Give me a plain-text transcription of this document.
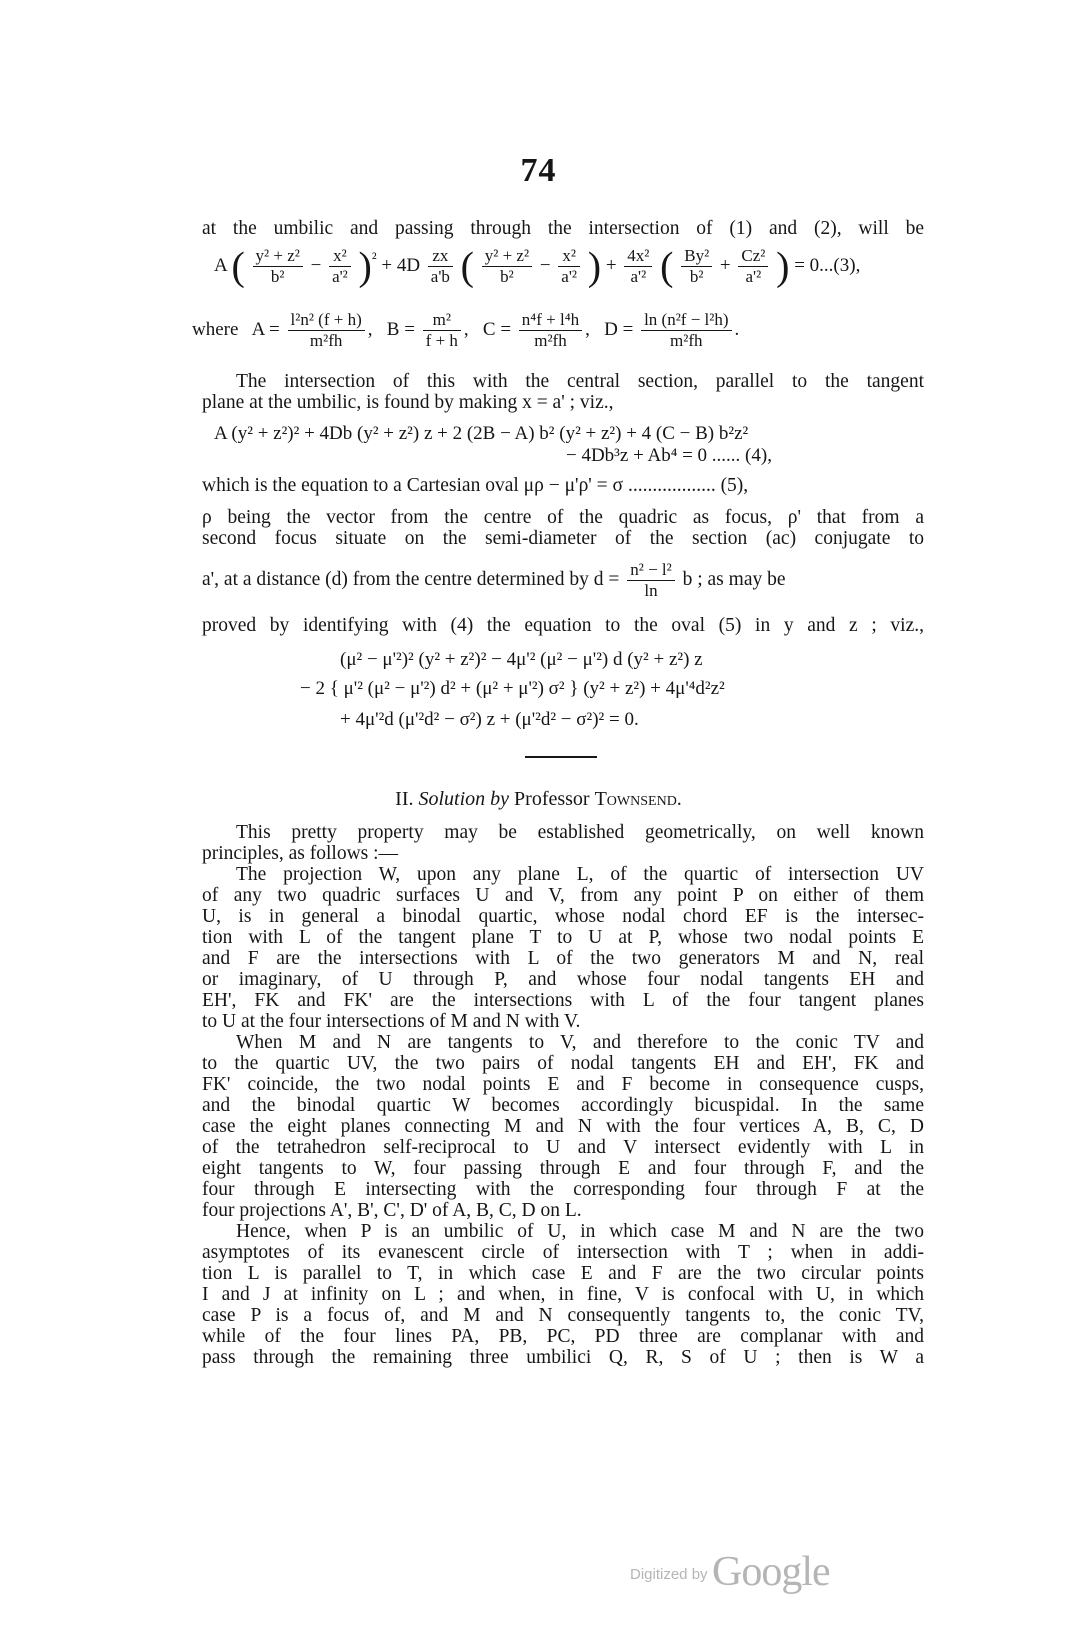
74
at the umbilic and passing through the intersection of (1) and (2), will be
A ( $\frac{\text{y² + z²}}{\text{b²}} - \frac{\text{x²}}{\text{a'²}} )^{^2} + 4D \frac{zx}{a'b}$ ( $\frac{\text{y² + z²}}{\text{b²}} - \frac{\text{x²}}{\text{a'²}}$ ) + $\frac{\text{4x²}}{\text{a'²}}$ ( $\frac{\text{By²}}{\text{b²}} + \frac{\text{Cz²}}{\text{a'²}}$ ) = 0...(3),
where $A = \frac{\text{l²n² (f + h)}}{\text{m²fh}}$ ,   $B = \frac{\text{m²}}{f + h}$ ,   $C = \frac{\text{n⁴f + l⁴h}}{\text{m²fh}}$ ,   $D = \frac{\text{ln (n²f − l²h)}}{\text{m²fh}}$ .
The intersection of this with the central section, parallel to the tangent
plane at the umbilic, is found by making x = a' ; viz.,
A (y² + z²)² + 4Db (y² + z²) z + 2 (2B − A) b² (y² + z²) + 4 (C − B) b²z²
− 4Db³z + Ab⁴ = 0 ...... (4),
which is the equation to a Cartesian oval μρ − μ'ρ' = σ .................. (5),
ρ being the vector from the centre of the quadric as focus, ρ' that from a
second focus situate on the semi-diameter of the section (ac) conjugate to
a', at a distance (d) from the centre determined by $d = \frac{\text{n² − l²}}{\ln}$ b ; as may be
proved by identifying with (4) the equation to the oval (5) in y and z ; viz.,
(μ² − μ'²)² (y² + z²)² − 4μ'² (μ² − μ'²) d (y² + z²) z
− 2 { μ'² (μ² − μ'²) d² + (μ² + μ'²) σ² } (y² + z²) + 4μ'⁴d²z²
+ 4μ'²d (μ'²d² − σ²) z + (μ'²d² − σ²)² = 0.
II. Solution by Professor Townsend.
This pretty property may be established geometrically, on well known
principles, as follows :—
The projection W, upon any plane L, of the quartic of intersection UV
of any two quadric surfaces U and V, from any point P on either of them
U, is in general a binodal quartic, whose nodal chord EF is the intersec-
tion with L of the tangent plane T to U at P, whose two nodal points E
and F are the intersections with L of the two generators M and N, real
or imaginary, of U through P, and whose four nodal tangents EH and
EH', FK and FK' are the intersections with L of the four tangent planes
to U at the four intersections of M and N with V.
When M and N are tangents to V, and therefore to the conic TV and
to the quartic UV, the two pairs of nodal tangents EH and EH', FK and
FK' coincide, the two nodal points E and F become in consequence cusps,
and the binodal quartic W becomes accordingly bicuspidal. In the same
case the eight planes connecting M and N with the four vertices A, B, C, D
of the tetrahedron self-reciprocal to U and V intersect evidently with L in
eight tangents to W, four passing through E and four through F, and the
four through E intersecting with the corresponding four through F at the
four projections A', B', C', D' of A, B, C, D on L.
Hence, when P is an umbilic of U, in which case M and N are the two
asymptotes of its evanescent circle of intersection with T ; when in addi-
tion L is parallel to T, in which case E and F are the two circular points
I and J at infinity on L ; and when, in fine, V is confocal with U, in which
case P is a focus of, and M and N consequently tangents to, the conic TV,
while of the four lines PA, PB, PC, PD three are complanar with and
pass through the remaining three umbilici Q, R, S of U ; then is W a
Digitized by Google
